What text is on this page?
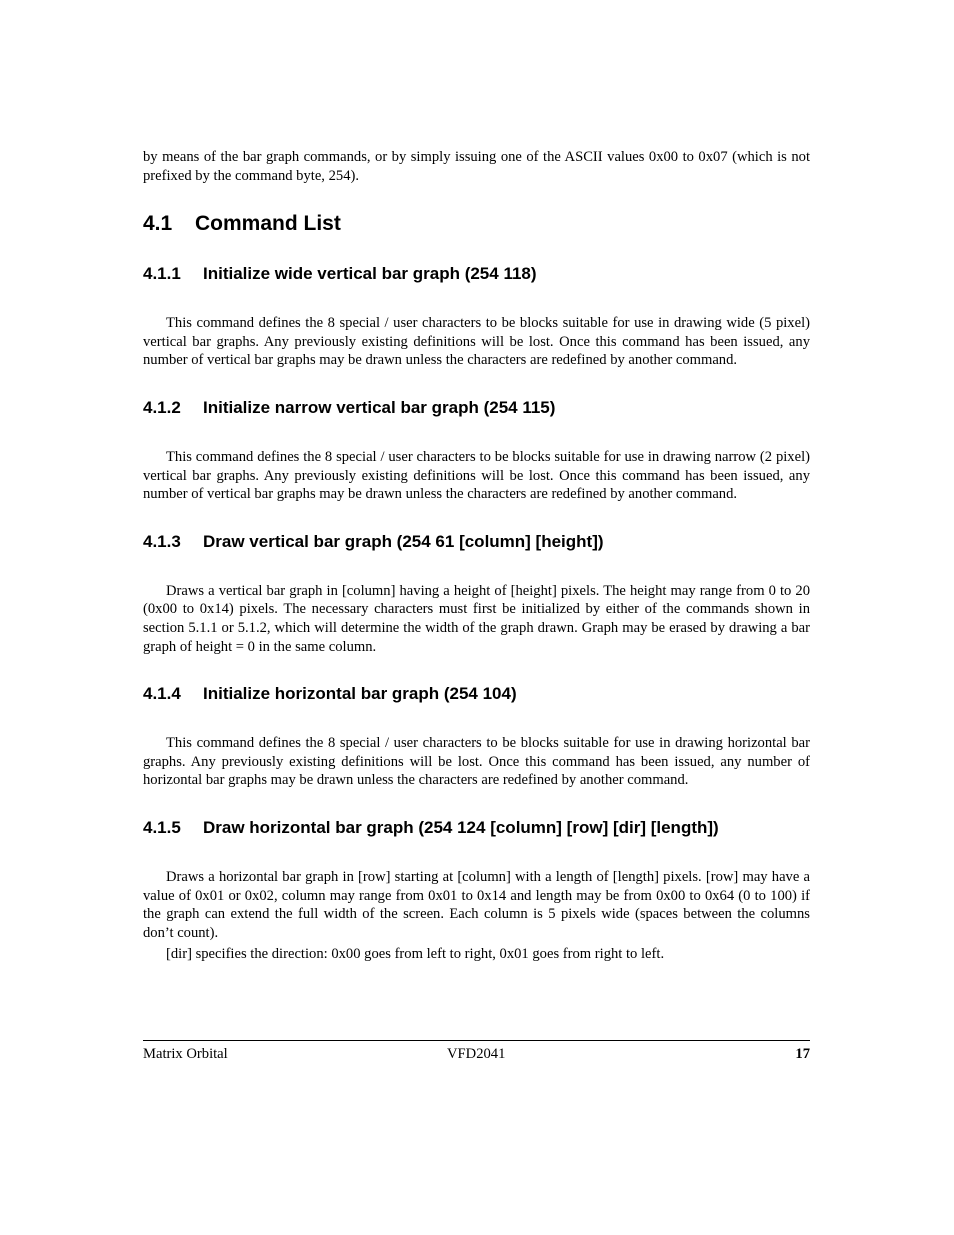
by means of the bar graph commands, or by simply issuing one of the ASCII values 0x00 to 0x07 (which is not prefixed by the command byte, 254).

4.1 Command List
4.1.1 Initialize wide vertical bar graph (254 118)

This command defines the 8 special / user characters to be blocks suitable for use in drawing wide (5 pixel) vertical bar graphs. Any previously existing definitions will be lost. Once this command has been issued, any number of vertical bar graphs may be drawn unless the characters are redefined by another command.

4.1.2 Initialize narrow vertical bar graph (254 115)

This command defines the 8 special / user characters to be blocks suitable for use in drawing narrow (2 pixel) vertical bar graphs. Any previously existing definitions will be lost. Once this command has been issued, any number of vertical bar graphs may be drawn unless the characters are redefined by another command.

4.1.3 Draw vertical bar graph (254 61 [column] [height])

Draws a vertical bar graph in [column] having a height of [height] pixels. The height may range from 0 to 20 (0x00 to 0x14) pixels. The necessary characters must first be initialized by either of the commands shown in section 5.1.1 or 5.1.2, which will determine the width of the graph drawn. Graph may be erased by drawing a bar graph of height = 0 in the same column.

4.1.4 Initialize horizontal bar graph (254 104)

This command defines the 8 special / user characters to be blocks suitable for use in drawing horizontal bar graphs. Any previously existing definitions will be lost. Once this command has been issued, any number of horizontal bar graphs may be drawn unless the characters are redefined by another command.

4.1.5 Draw horizontal bar graph (254 124 [column] [row] [dir] [length])

Draws a horizontal bar graph in [row] starting at [column] with a length of [length] pixels. [row] may have a value of 0x01 or 0x02, column may range from 0x01 to 0x14 and length may be from 0x00 to 0x64 (0 to 100) if the graph can extend the full width of the screen. Each column is 5 pixels wide (spaces between the columns don’t count).

[dir] specifies the direction: 0x00 goes from left to right, 0x01 goes from right to left.

Matrix Orbital	VFD2041	17
